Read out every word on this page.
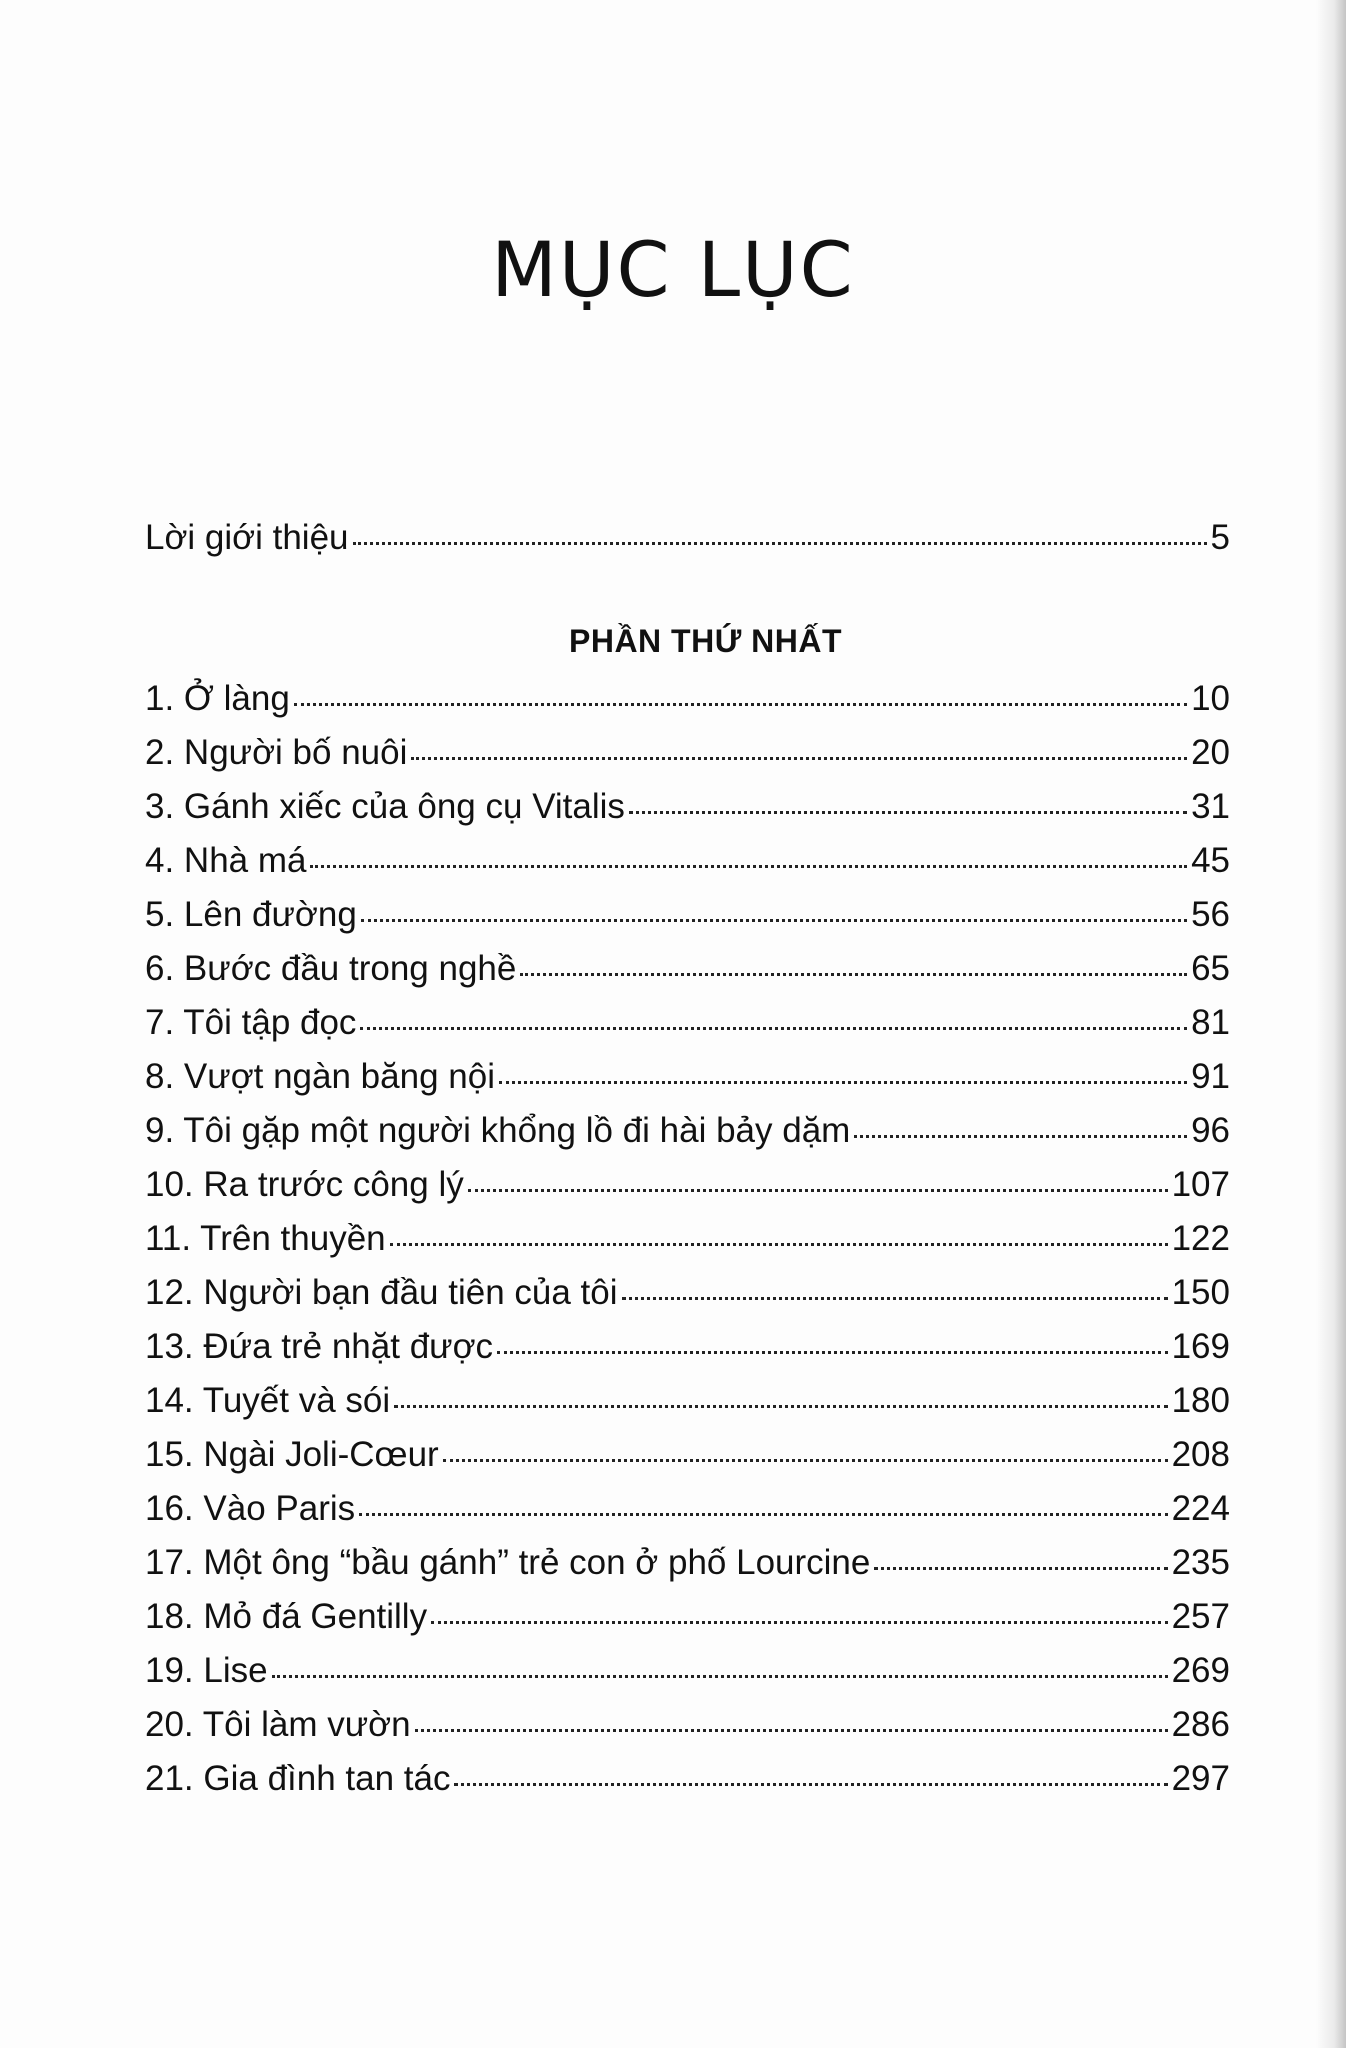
MỤC LỤC
Lời giới thiệu	5
PHẦN THỨ NHẤT
1. Ở làng	10
2. Người bố nuôi	20
3. Gánh xiếc của ông cụ Vitalis	31
4. Nhà má	45
5. Lên đường	56
6. Bước đầu trong nghề	65
7. Tôi tập đọc	81
8. Vượt ngàn băng nội	91
9. Tôi gặp một người khổng lồ đi hài bảy dặm	96
10. Ra trước công lý	107
11. Trên thuyền	122
12. Người bạn đầu tiên của tôi	150
13. Đứa trẻ nhặt được	169
14. Tuyết và sói	180
15. Ngài Joli-Cœur	208
16. Vào Paris	224
17. Một ông “bầu gánh” trẻ con ở phố Lourcine	235
18. Mỏ đá Gentilly	257
19. Lise	269
20. Tôi làm vườn	286
21. Gia đình tan tác	297
